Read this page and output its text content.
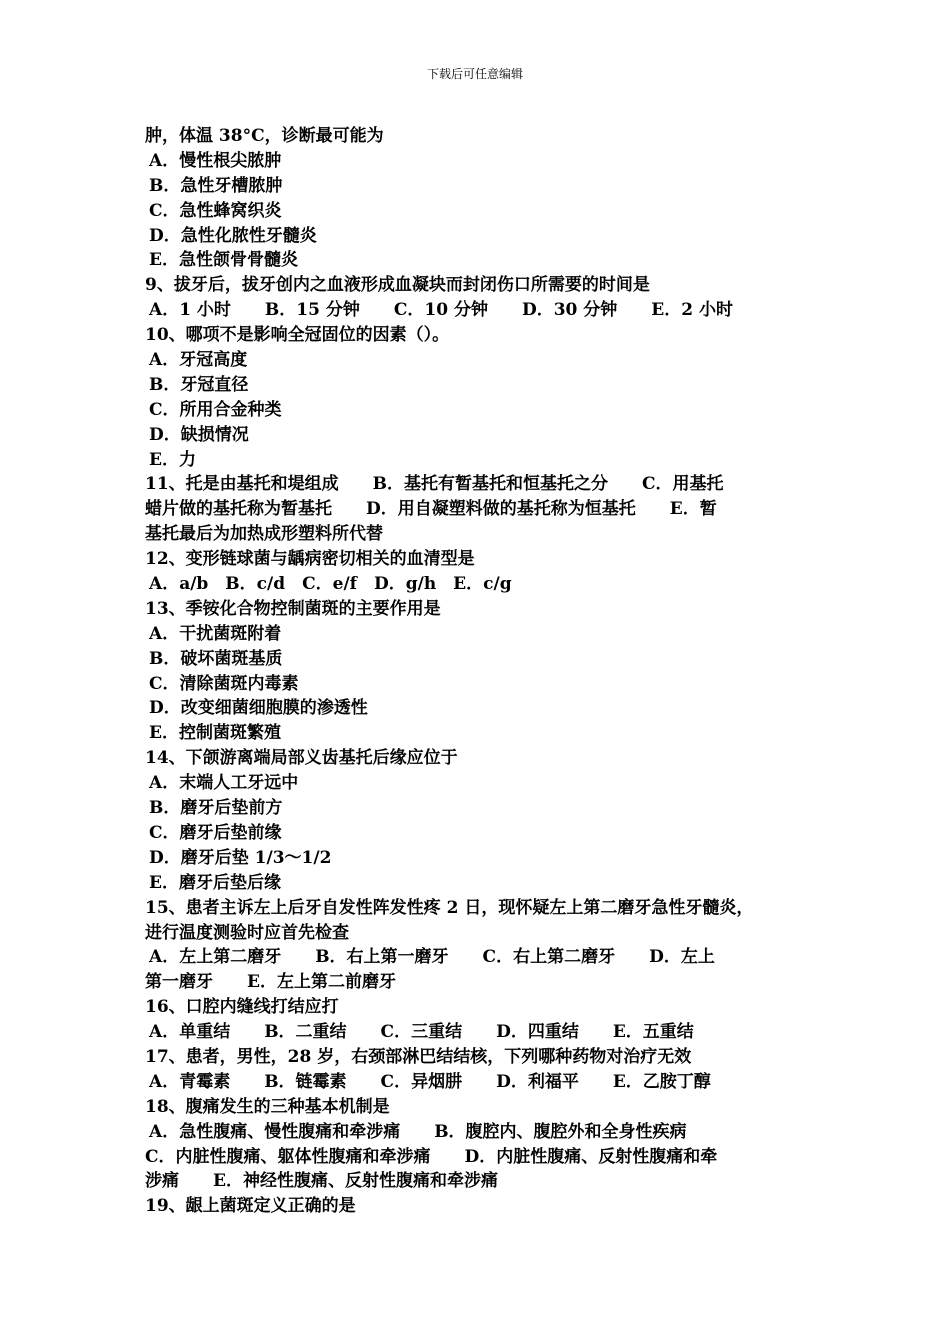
下载后可任意编辑
肿，体温 38°C，诊断最可能为
A．慢性根尖脓肿
B．急性牙槽脓肿
C．急性蜂窝织炎
D．急性化脓性牙髓炎
E．急性颌骨骨髓炎
9、拔牙后，拔牙创内之血液形成血凝块而封闭伤口所需要的时间是
A．1 小时　　B．15 分钟　　C．10 分钟　　D．30 分钟　　E．2 小时
10、哪项不是影响全冠固位的因素（）。
A．牙冠高度
B．牙冠直径
C．所用合金种类
D．缺损情况
E．力
11、托是由基托和堤组成　　B．基托有暂基托和恒基托之分　　C．用基托
蜡片做的基托称为暂基托　　D．用自凝塑料做的基托称为恒基托　　E．暂
基托最后为加热成形塑料所代替
12、变形链球菌与龋病密切相关的血清型是
A．a/b　B．c/d　C．e/f　D．g/h　E．c/g
13、季铵化合物控制菌斑的主要作用是
A．干扰菌斑附着
B．破坏菌斑基质
C．清除菌斑内毒素
D．改变细菌细胞膜的渗透性
E．控制菌斑繁殖
14、下颌游离端局部义齿基托后缘应位于
A．末端人工牙远中
B．磨牙后垫前方
C．磨牙后垫前缘
D．磨牙后垫 1/3～1/2
E．磨牙后垫后缘
15、患者主诉左上后牙自发性阵发性疼 2 日，现怀疑左上第二磨牙急性牙髓炎，
进行温度测验时应首先检查
A．左上第二磨牙　　B．右上第一磨牙　　C．右上第二磨牙　　D．左上
第一磨牙　　E．左上第二前磨牙
16、口腔内缝线打结应打
A．单重结　　B．二重结　　C．三重结　　D．四重结　　E．五重结
17、患者，男性，28 岁，右颈部淋巴结结核，下列哪种药物对治疗无效
A．青霉素　　B．链霉素　　C．异烟肼　　D．利福平　　E．乙胺丁醇
18、腹痛发生的三种基本机制是
A．急性腹痛、慢性腹痛和牵涉痛　　B．腹腔内、腹腔外和全身性疾病
C．内脏性腹痛、躯体性腹痛和牵涉痛　　D．内脏性腹痛、反射性腹痛和牵
涉痛　　E．神经性腹痛、反射性腹痛和牵涉痛
19、龈上菌斑定义正确的是
